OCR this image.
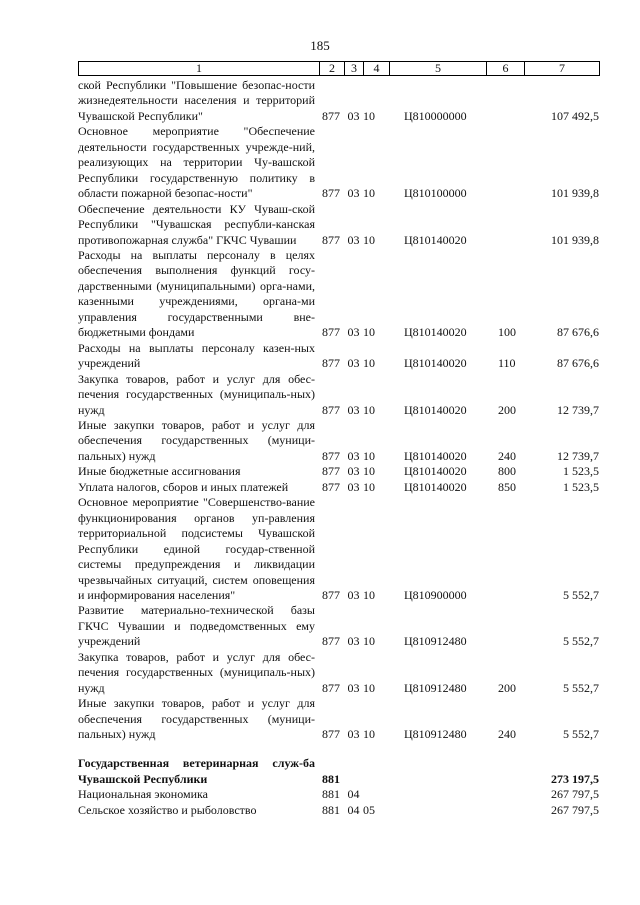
185
1	2	3	4	5	6	7
ской Республики "Повышение безопас-ности жизнедеятельности населения и территорий Чувашской Республики"	877	03	10	Ц810000000		107 492,5
Основное мероприятие "Обеспечение деятельности государственных учрежде-ний, реализующих на территории Чу-вашской Республики государственную политику в области пожарной безопас-ности"	877	03	10	Ц810100000		101 939,8
Обеспечение деятельности КУ Чуваш-ской Республики "Чувашская республи-канская противопожарная служба" ГКЧС Чувашии	877	03	10	Ц810140020		101 939,8
Расходы на выплаты персоналу в целях обеспечения выполнения функций госу-дарственными (муниципальными) орга-нами, казенными учреждениями, органа-ми управления государственными вне-бюджетными фондами	877	03	10	Ц810140020	100	87 676,6
Расходы на выплаты персоналу казен-ных учреждений	877	03	10	Ц810140020	110	87 676,6
Закупка товаров, работ и услуг для обес-печения государственных (муниципаль-ных) нужд	877	03	10	Ц810140020	200	12 739,7
Иные закупки товаров, работ и услуг для обеспечения государственных (муници-пальных) нужд	877	03	10	Ц810140020	240	12 739,7
Иные бюджетные ассигнования	877	03	10	Ц810140020	800	1 523,5
Уплата налогов, сборов и иных платежей	877	03	10	Ц810140020	850	1 523,5
Основное мероприятие "Совершенство-вание функционирования органов уп-равления территориальной подсистемы Чувашской Республики единой государ-ственной системы предупреждения и ликвидации чрезвычайных ситуаций, систем оповещения и информирования населения"	877	03	10	Ц810900000		5 552,7
Развитие материально-технической базы ГКЧС Чувашии и подведомственных ему учреждений	877	03	10	Ц810912480		5 552,7
Закупка товаров, работ и услуг для обес-печения государственных (муниципаль-ных) нужд	877	03	10	Ц810912480	200	5 552,7
Иные закупки товаров, работ и услуг для обеспечения государственных (муници-пальных) нужд	877	03	10	Ц810912480	240	5 552,7

Государственная ветеринарная служ-ба Чувашской Республики	881					273 197,5
Национальная экономика	881	04				267 797,5
Сельское хозяйство и рыболовство	881	04	05			267 797,5
